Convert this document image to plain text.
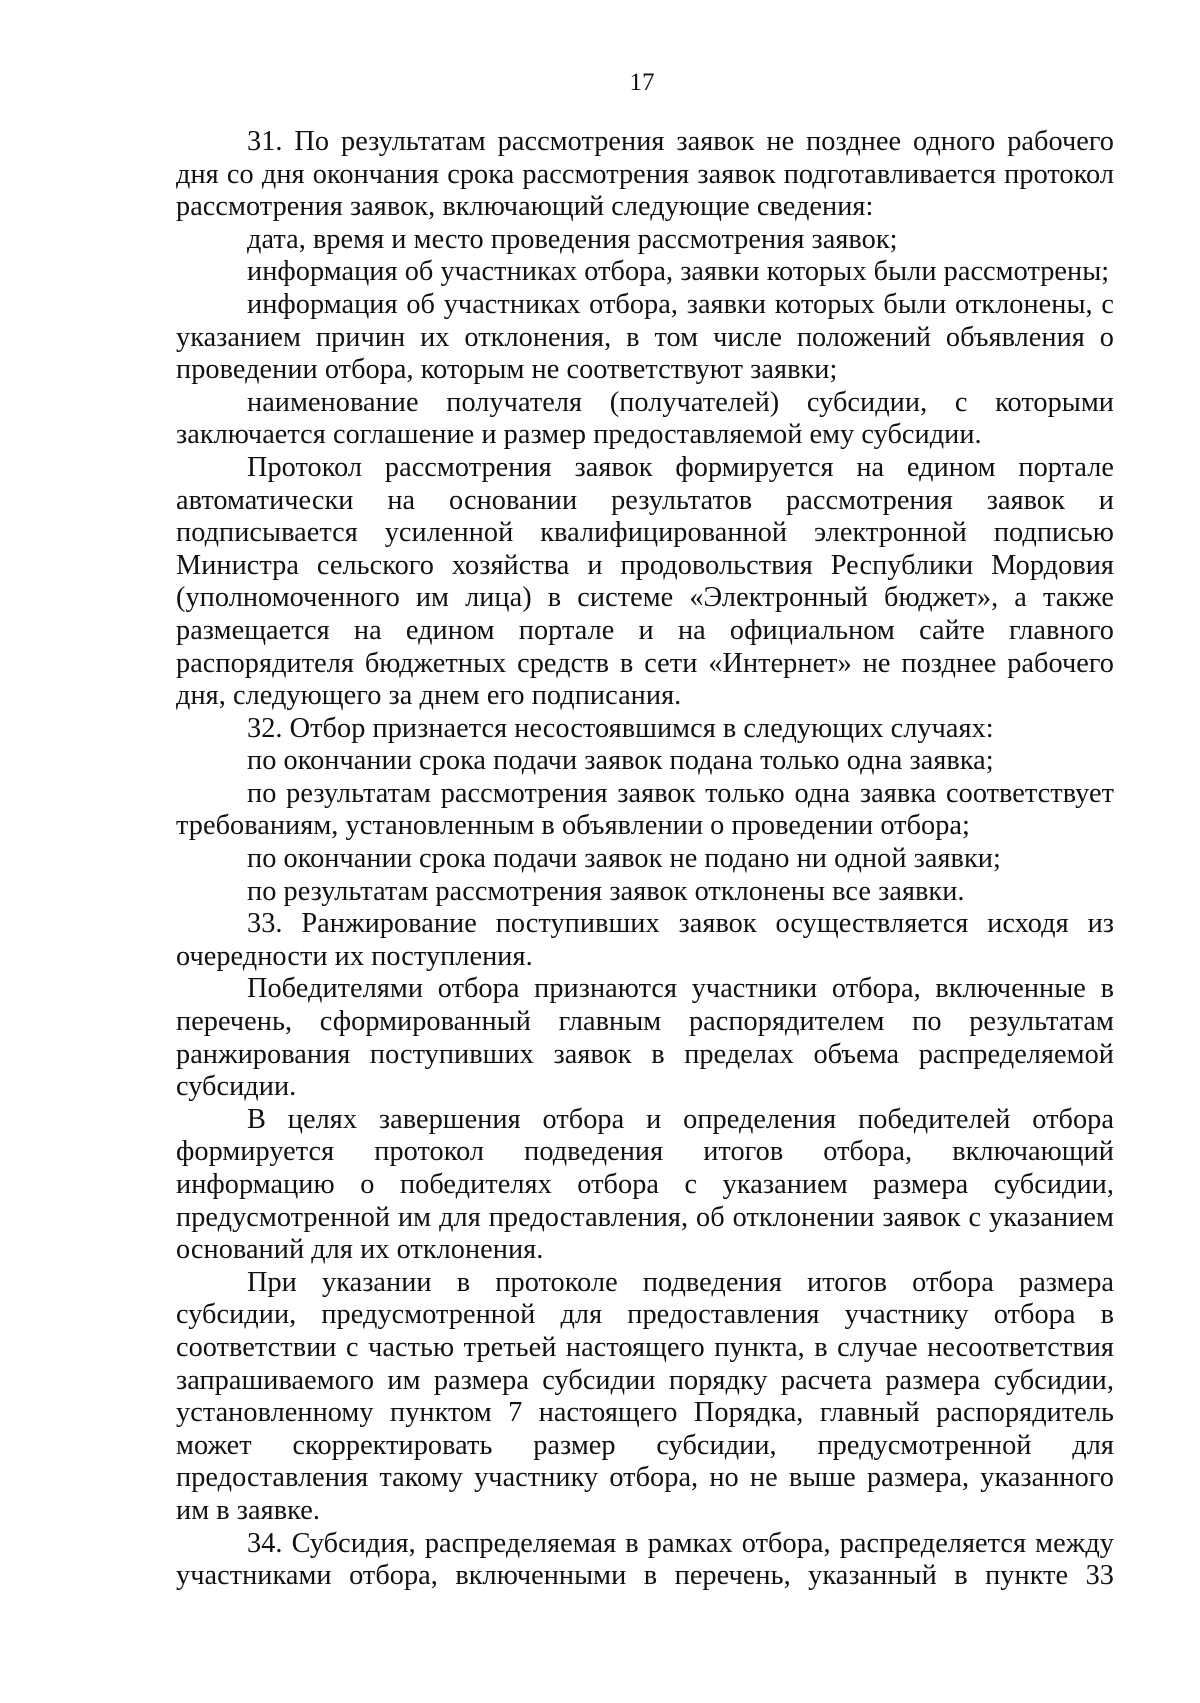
17

31. По результатам рассмотрения заявок не позднее одного рабочего дня со дня окончания срока рассмотрения заявок подготавливается протокол рассмотрения заявок, включающий следующие сведения:

дата, время и место проведения рассмотрения заявок;

информация об участниках отбора, заявки которых были рассмотрены;

информация об участниках отбора, заявки которых были отклонены, с указанием причин их отклонения, в том числе положений объявления о проведении отбора, которым не соответствуют заявки;

наименование получателя (получателей) субсидии, с которыми заключается соглашение и размер предоставляемой ему субсидии.

Протокол рассмотрения заявок формируется на едином портале автоматически на основании результатов рассмотрения заявок и подписывается усиленной квалифицированной электронной подписью Министра сельского хозяйства и продовольствия Республики Мордовия (уполномоченного им лица) в системе «Электронный бюджет», а также размещается на едином портале и на официальном сайте главного распорядителя бюджетных средств в сети «Интернет» не позднее рабочего дня, следующего за днем его подписания.

32. Отбор признается несостоявшимся в следующих случаях:

по окончании срока подачи заявок подана только одна заявка;

по результатам рассмотрения заявок только одна заявка соответствует требованиям, установленным в объявлении о проведении отбора;

по окончании срока подачи заявок не подано ни одной заявки;

по результатам рассмотрения заявок отклонены все заявки.

33. Ранжирование поступивших заявок осуществляется исходя из очередности их поступления.

Победителями отбора признаются участники отбора, включенные в перечень, сформированный главным распорядителем по результатам ранжирования поступивших заявок в пределах объема распределяемой субсидии.

В целях завершения отбора и определения победителей отбора формируется протокол подведения итогов отбора, включающий информацию о победителях отбора с указанием размера субсидии, предусмотренной им для предоставления, об отклонении заявок с указанием оснований для их отклонения.

При указании в протоколе подведения итогов отбора размера субсидии, предусмотренной для предоставления участнику отбора в соответствии с частью третьей настоящего пункта, в случае несоответствия запрашиваемого им размера субсидии порядку расчета размера субсидии, установленному пунктом 7 настоящего Порядка, главный распорядитель может скорректировать размер субсидии, предусмотренной для предоставления такому участнику отбора, но не выше размера, указанного им в заявке.

34. Субсидия, распределяемая в рамках отбора, распределяется между участниками отбора, включенными в перечень, указанный в пункте 33
